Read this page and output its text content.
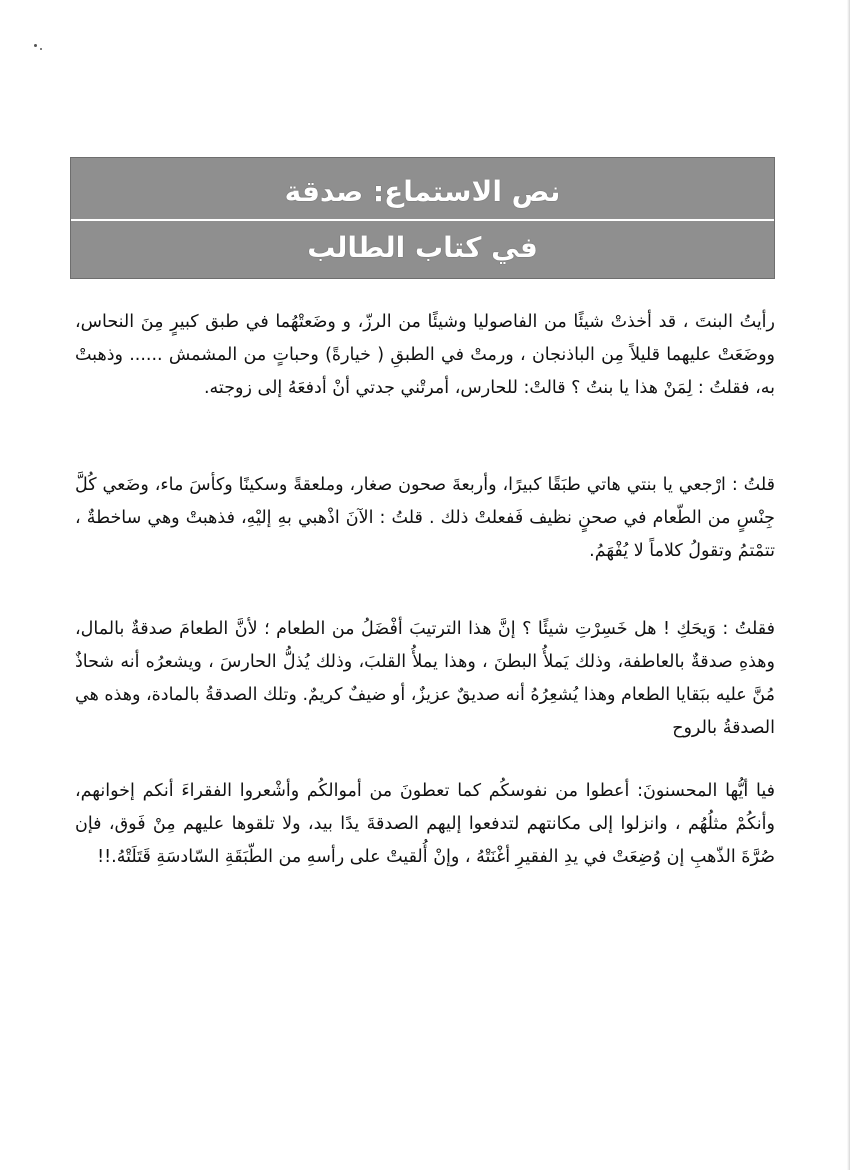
نص الاستماع: صدقة
في كتاب الطالب

رأيتُ البنتَ ، قد أخذتْ شيئًا من الفاصوليا وشيئًا من الرزّ، و وضَعتْهُما في طبق كبيرٍ مِنَ النحاس، ووضَعَتْ عليهما قليلاً مِن الباذنجان ، ورمتْ في الطبقِ ( خيارةً) وحباتٍ من المشمش ...... وذهبتْ به، فقلتُ : لِمَنْ هذا يا بنتُ ؟ قالتْ: للحارس، أمرتْني جدتي أنْ أدفعَهُ إلى زوجته.

قلتُ : ارْجعي يا بنتي هاتي طبَقًا كبيرًا، وأربعةَ صحون صغار، وملعقةً وسكينًا وكأسَ ماء، وضَعي كُلَّ جِنْسٍ من الطّعام في صحنٍ نظيف فَفعلتْ ذلك . قلتُ : الآنَ اذْهبي بهِ إليْهِ، فذهبتْ وهي ساخطةٌ ، تتمْتمُ وتقولُ كلاماً لا يُفْهَمُ.

فقلتُ : وَيحَكِ ! هل خَسِرْتِ شيئًا ؟ إنَّ هذا الترتيبَ أفْضَلُ من الطعام ؛ لأنَّ الطعامَ صدقةٌ بالمال، وهذهِ صدقةٌ بالعاطفة، وذلك يَملأُ البطنَ ، وهذا يملأُ القلبَ، وذلك يُذلُّ الحارسَ ، ويشعرُه أنه شحاذٌ مُنَّ عليه ببَقايا الطعام وهذا يُشعِرُهُ أنه صديقٌ عزيزٌ، أو ضيفٌ كريمٌ. وتلك الصدقةُ بالمادة، وهذه هي الصدقةُ بالروح

فيا أيُّها المحسنونَ: أعطوا من نفوسكُم كما تعطونَ من أموالكُم وأشْعروا الفقراءَ أنكم إخوانهم، وأنكُمْ مثلُهُم ، وانزلوا إلى مكانتهم لتدفعوا إليهم الصدقةَ يدًا بيد، ولا تلقوها عليهم مِنْ فَوق، فإن صُرَّةَ الذّهبِ إن وُضِعَتْ في يدِ الفقيرِ أغْنَتْهُ ، وإنْ أُلقيتْ على رأسهِ من الطّبَقَةِ السّادسَةِ قَتَلَتْهُ.!!
